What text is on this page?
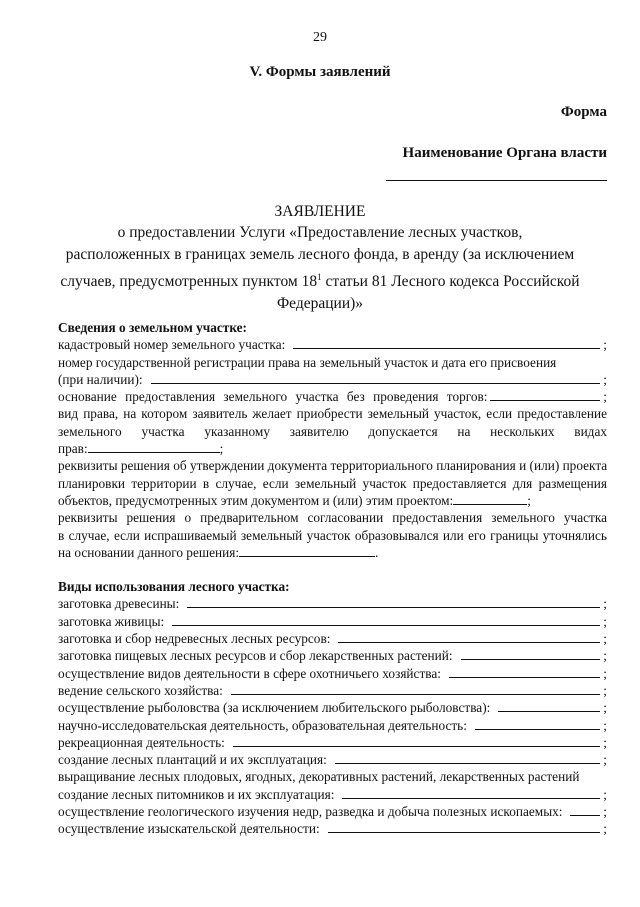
29
V. Формы заявлений
Форма
Наименование Органа власти
ЗАЯВЛЕНИЕ
о предоставлении Услуги «Предоставление лесных участков,
расположенных в границах земель лесного фонда, в аренду (за исключением
случаев, предусмотренных пунктом $18^1$ статьи 81 Лесного кодекса Российской
Федерации)»
Сведения о земельном участке:
кадастровый номер земельного участка:	;
номер государственной регистрации права на земельный участок и дата его присвоения
(при наличии):	;
основание предоставления земельного участка без проведения торгов:	;
вид права, на котором заявитель желает приобрести земельный участок, если предоставление
земельного участка указанному заявителю допускается на нескольких видах
прав:	;
реквизиты решения об утверждении документа территориального планирования и (или) проекта
планировки территории в случае, если земельный участок предоставляется для размещения
объектов, предусмотренных этим документом и (или) этим проектом:	;
реквизиты решения о предварительном согласовании предоставления земельного участка
в случае, если испрашиваемый земельный участок образовывался или его границы уточнялись
на основании данного решения:	.
Виды использования лесного участка:
заготовка древесины:	;
заготовка живицы:	;
заготовка и сбор недревесных лесных ресурсов:	;
заготовка пищевых лесных ресурсов и сбор лекарственных растений:	;
осуществление видов деятельности в сфере охотничьего хозяйства:	;
ведение сельского хозяйства:	;
осуществление рыболовства (за исключением любительского рыболовства):	;
научно-исследовательская деятельность, образовательная деятельность:	;
рекреационная деятельность:	;
создание лесных плантаций и их эксплуатация:	;
выращивание лесных плодовых, ягодных, декоративных растений, лекарственных растений
создание лесных питомников и их эксплуатация:	;
осуществление геологического изучения недр, разведка и добыча полезных ископаемых:	;
осуществление изыскательской деятельности:	;
